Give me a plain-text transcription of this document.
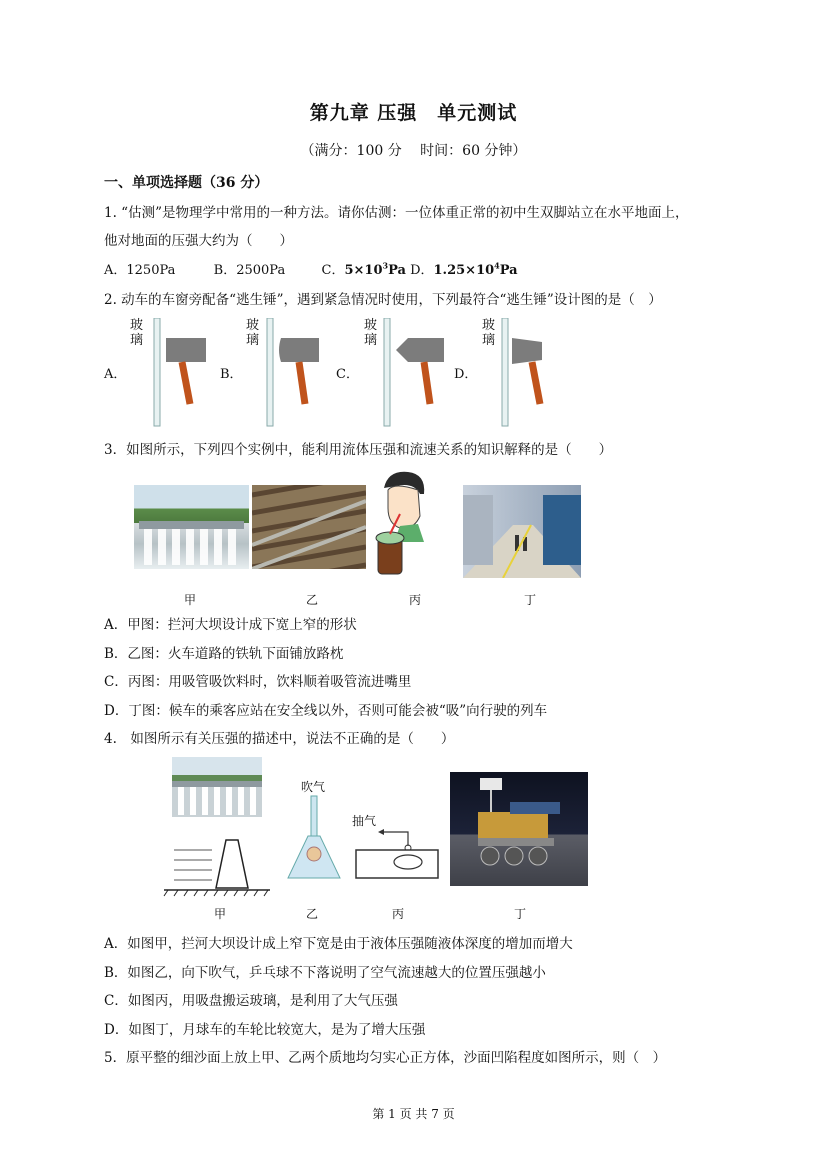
第九章 压强　单元测试
（满分：100 分　 时间：60 分钟）
一、单项选择题（36 分）
1. “估测”是物理学中常用的一种方法。请你估测：一位体重正常的初中生双脚站立在水平地面上，
他对地面的压强大约为（　　）
A．1250Pa	B．2500Pa	C．$5\times 10^3Pa$ D．$1.25\times 10^4Pa$
2. 动车的车窗旁配备“逃生锤”，遇到紧急情况时使用，下列最符合“逃生锤”设计图的是（　）
A．
玻璃
B．
玻璃
C．
玻璃
D．
玻璃
3．如图所示，下列四个实例中，能利用流体压强和流速关系的知识解释的是（　　）
甲	乙	丙	丁
A．甲图：拦河大坝设计成下宽上窄的形状
B．乙图：火车道路的铁轨下面铺放路枕
C．丙图：用吸管吸饮料时，饮料顺着吸管流进嘴里
D．丁图：候车的乘客应站在安全线以外，否则可能会被“吸”向行驶的列车
4.　如图所示有关压强的描述中，说法不正确的是（　　）
吹气
抽气
甲	乙	丙	丁
A．如图甲，拦河大坝设计成上窄下宽是由于液体压强随液体深度的增加而增大
B．如图乙，向下吹气，乒乓球不下落说明了空气流速越大的位置压强越小
C．如图丙，用吸盘搬运玻璃，是利用了大气压强
D．如图丁，月球车的车轮比较宽大，是为了增大压强
5．原平整的细沙面上放上甲、乙两个质地均匀实心正方体，沙面凹陷程度如图所示，则（　）
第 1 页 共 7 页
